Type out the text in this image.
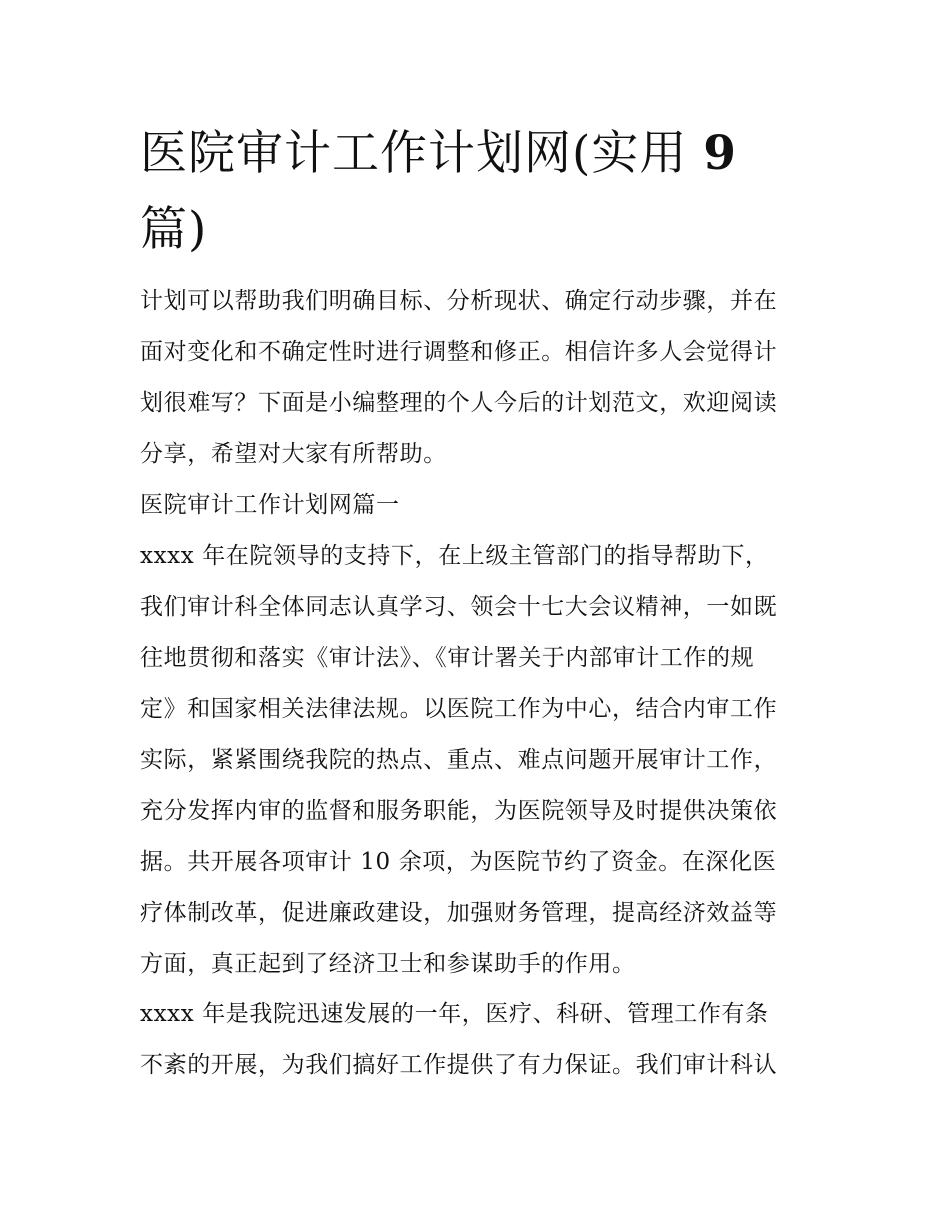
医院审计工作计划网(实用 9
篇)
计划可以帮助我们明确目标、分析现状、确定行动步骤，并在
面对变化和不确定性时进行调整和修正。相信许多人会觉得计
划很难写？下面是小编整理的个人今后的计划范文，欢迎阅读
分享，希望对大家有所帮助。
医院审计工作计划网篇一
xxxx 年在院领导的支持下，在上级主管部门的指导帮助下，
我们审计科全体同志认真学习、领会十七大会议精神，一如既
往地贯彻和落实《审计法》、《审计署关于内部审计工作的规
定》和国家相关法律法规。以医院工作为中心，结合内审工作
实际，紧紧围绕我院的热点、重点、难点问题开展审计工作，
充分发挥内审的监督和服务职能，为医院领导及时提供决策依
据。共开展各项审计 10 余项，为医院节约了资金。在深化医
疗体制改革，促进廉政建设，加强财务管理，提高经济效益等
方面，真正起到了经济卫士和参谋助手的作用。
xxxx 年是我院迅速发展的一年，医疗、科研、管理工作有条
不紊的开展，为我们搞好工作提供了有力保证。我们审计科认
